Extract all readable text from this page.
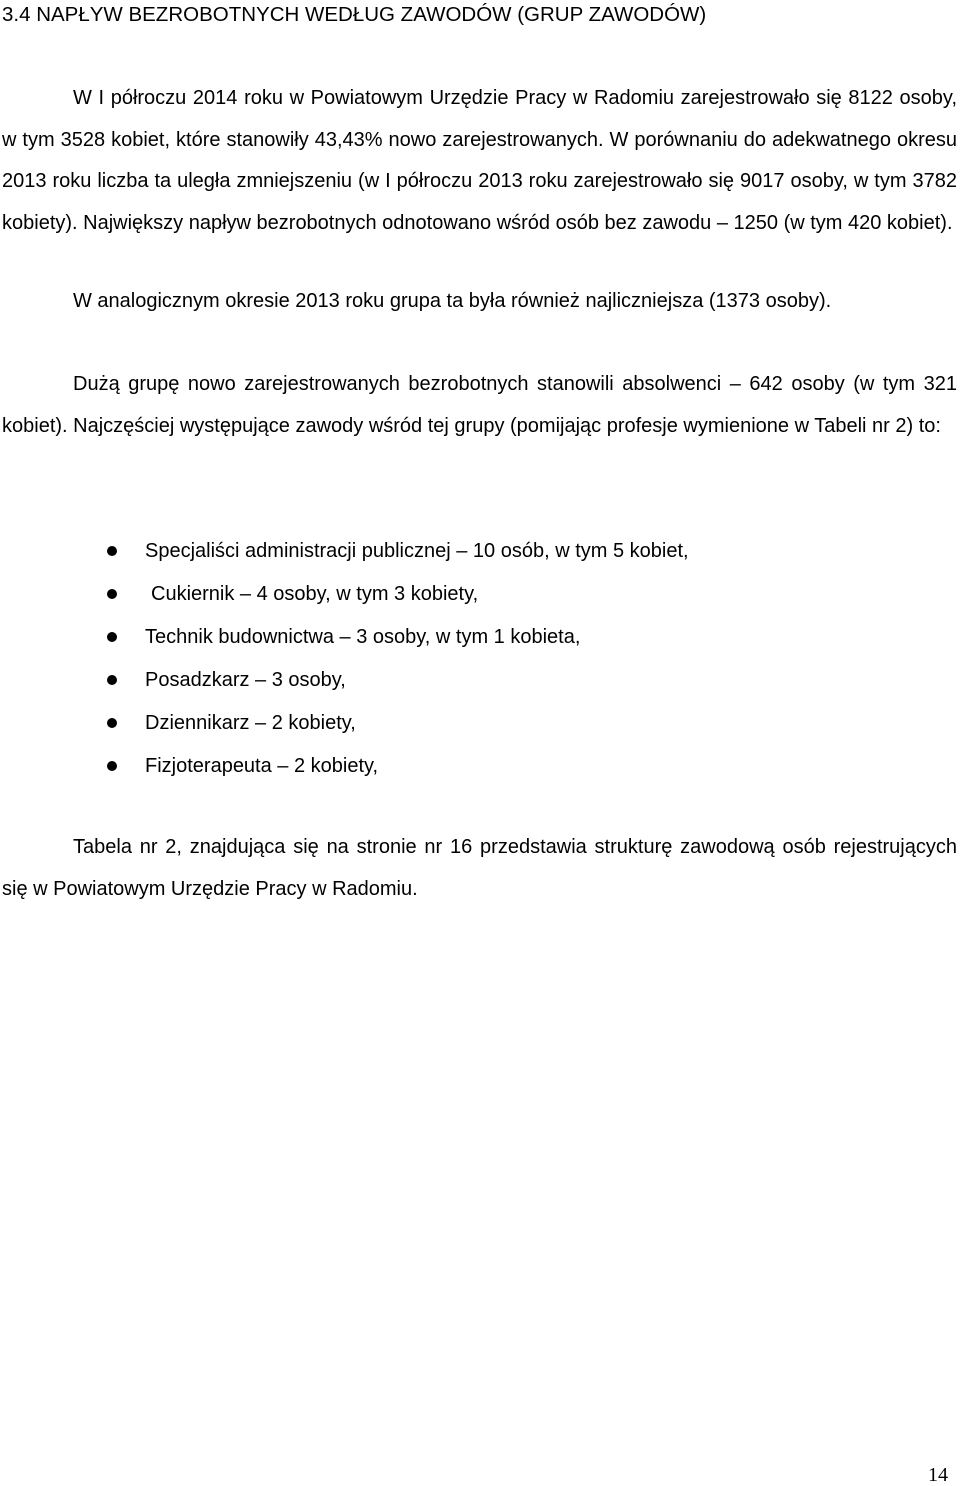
3.4 NAPŁYW BEZROBOTNYCH WEDŁUG ZAWODÓW (GRUP ZAWODÓW)

W I półroczu 2014 roku w Powiatowym Urzędzie Pracy w Radomiu zarejestrowało się 8122 osoby, w tym 3528 kobiet, które stanowiły 43,43% nowo zarejestrowanych. W porównaniu do adekwatnego okresu 2013 roku liczba ta uległa zmniejszeniu (w I półroczu 2013 roku zarejestrowało się 9017 osoby, w tym 3782 kobiety). Największy napływ bezrobotnych odnotowano wśród osób bez zawodu – 1250 (w tym 420 kobiet).

W analogicznym okresie 2013 roku grupa ta była również najliczniejsza (1373 osoby).

Dużą grupę nowo zarejestrowanych bezrobotnych stanowili absolwenci – 642 osoby (w tym 321 kobiet). Najczęściej występujące zawody wśród tej grupy (pomijając profesje wymienione w Tabeli nr 2) to:

Specjaliści administracji publicznej – 10 osób, w tym 5 kobiet,
Cukiernik – 4 osoby, w tym 3 kobiety,
Technik budownictwa – 3 osoby, w tym 1 kobieta,
Posadzkarz – 3 osoby,
Dziennikarz – 2 kobiety,
Fizjoterapeuta – 2 kobiety,

Tabela nr 2, znajdująca się na stronie nr 16 przedstawia strukturę zawodową osób rejestrujących się w Powiatowym Urzędzie Pracy w Radomiu.

14
